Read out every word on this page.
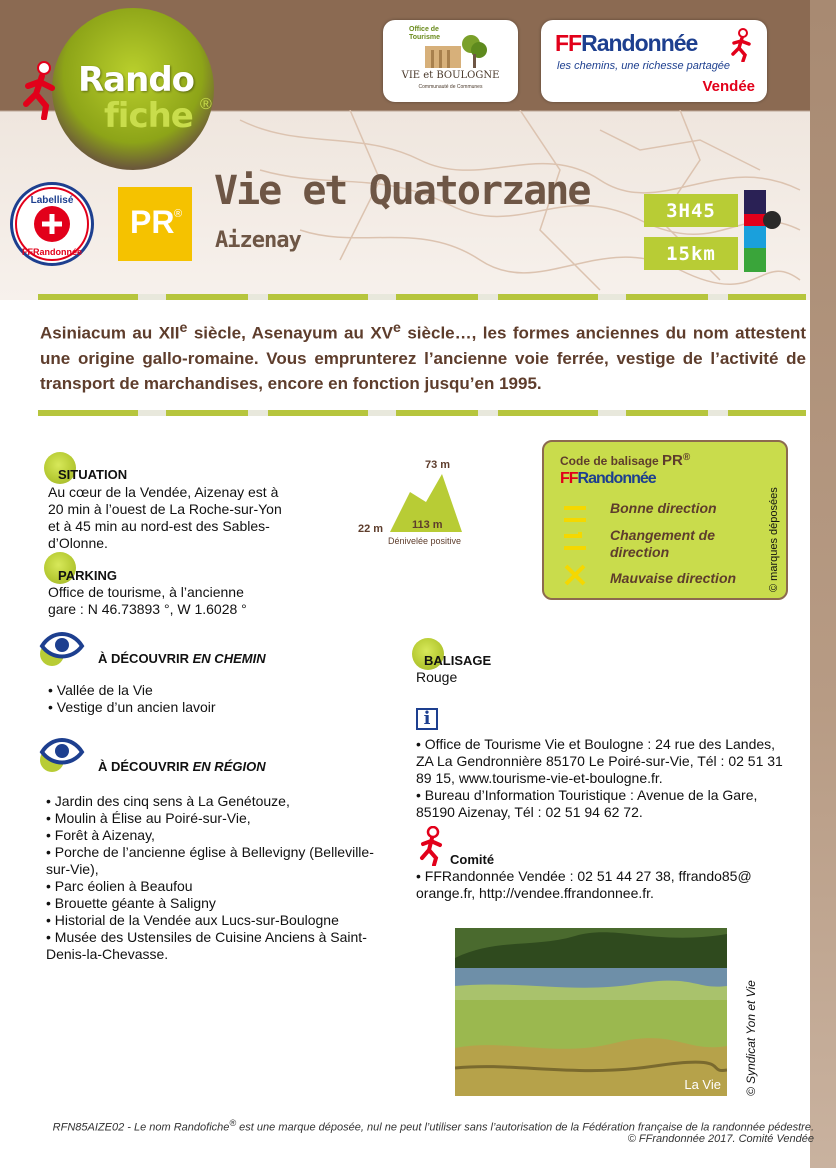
Rando
fiche ®
Office de
Tourisme
VIE et BOULOGNE
Communauté de Communes
FFRandonnée
les chemins, une richesse partagée
Vendée
Labellisé
FFRandonnée
PR ® Vie et Quatorzane
Aizenay
3H45
15km
Asiniacum au XIIe siècle, Asenayum au XVe siècle…, les formes anciennes du nom attestent une origine gallo-romaine. Vous emprunterez l’ancienne voie ferrée, vestige de l’activité de transport de marchandises, encore en fonction jusqu’en 1995.
SITUATION
Au cœur de la Vendée, Aizenay est à 20 min à l’ouest de La Roche-sur-Yon et à 45 min au nord-est des Sables-d’Olonne.
PARKING
Office de tourisme, à l’ancienne gare : N 46.73893 °, W 1.6028 °
73 m
22 m	113 m
Dénivelée positive
Code de balisage PR®
FFRandonnée
Bonne direction
Changement de direction
Mauvaise direction	© marques déposées
À DÉCOUVRIR EN CHEMIN
• Vallée de la Vie
• Vestige d’un ancien lavoir
À DÉCOUVRIR EN RÉGION
• Jardin des cinq sens à La Genétouze,
• Moulin à Élise au Poiré-sur-Vie,
• Forêt à Aizenay,
• Porche de l’ancienne église à Bellevigny (Belleville-sur-Vie),
• Parc éolien à Beaufou
• Brouette géante à Saligny
• Historial de la Vendée aux Lucs-sur-Boulogne
• Musée des Ustensiles de Cuisine Anciens à Saint-Denis-la-Chevasse.
BALISAGE
Rouge
i
• Office de Tourisme Vie et Boulogne : 24 rue des Landes, ZA La Gendronnière 85170 Le Poiré-sur-Vie, Tél : 02 51 31 89 15, www.tourisme-vie-et-boulogne.fr.
• Bureau d’Information Touristique : Avenue de la Gare, 85190 Aizenay, Tél : 02 51 94 62 72.
Comité
• FFRandonnée Vendée : 02 51 44 27 38, ffrando85@ orange.fr, http://vendee.ffrandonnee.fr.
La Vie © Syndicat Yon et Vie
RFN85AIZE02 - Le nom Randofiche® est une marque déposée, nul ne peut l’utiliser sans l’autorisation de la Fédération française de la randonnée pédestre.
© FFrandonnée 2017. Comité Vendée
